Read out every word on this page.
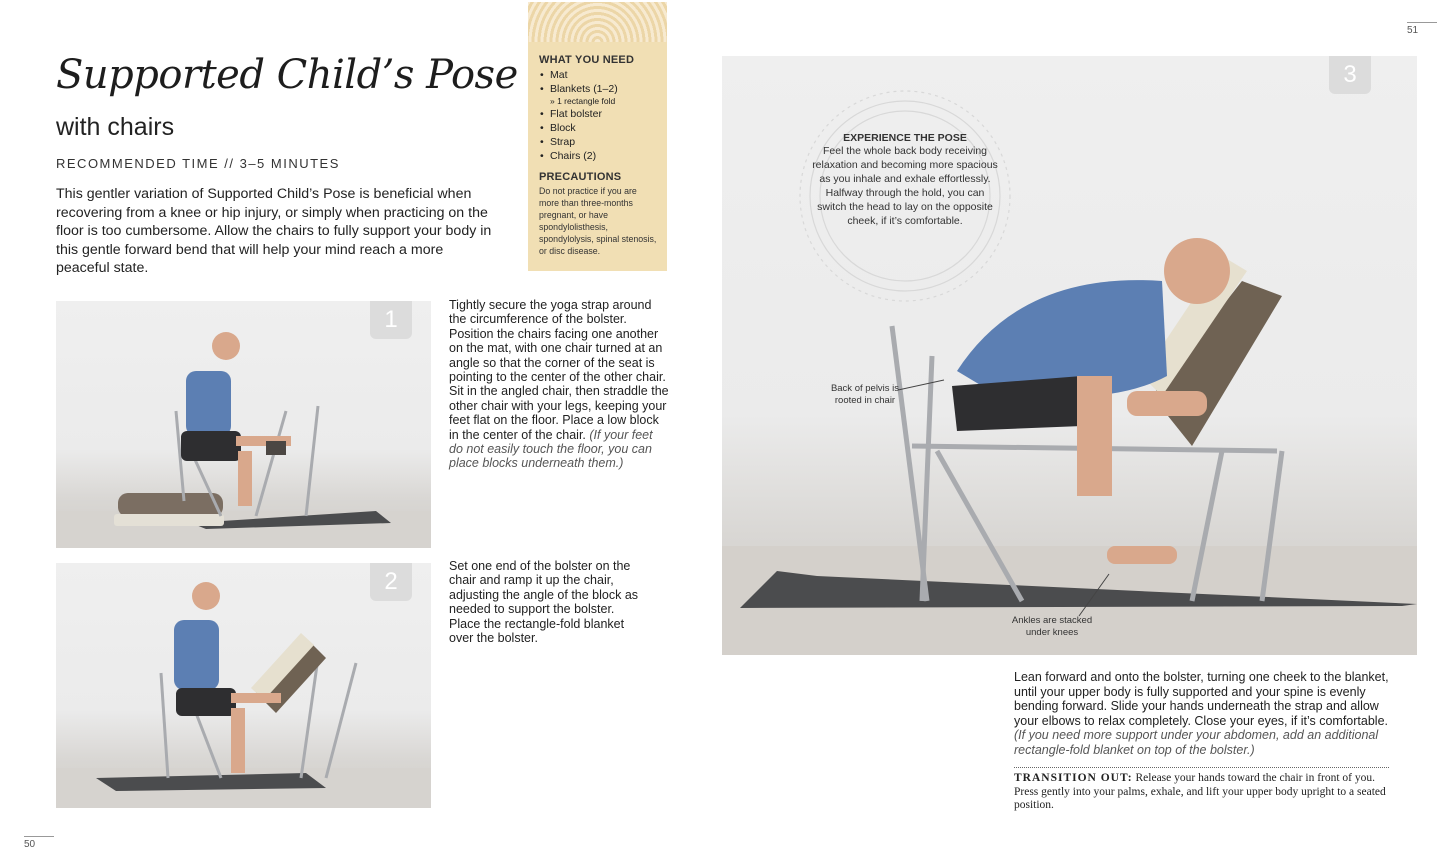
51
50
Supported Child’s Pose
with chairs
RECOMMENDED TIME // 3–5 MINUTES
This gentler variation of Supported Child’s Pose is beneficial when recovering from a knee or hip injury, or simply when practicing on the floor is too cumbersome. Allow the chairs to fully support your body in this gentle forward bend that will help your mind reach a more peaceful state.
WHAT YOU NEED
• Mat
• Blankets (1–2)
» 1 rectangle fold
• Flat bolster
• Block
• Strap
• Chairs (2)
PRECAUTIONS

Do not practice if you are more than three-months pregnant, or have spondylolisthesis, spondylolysis, spinal stenosis, or disc disease.

1
Tightly secure the yoga strap around the circumference of the bolster. Position the chairs facing one another on the mat, with one chair turned at an angle so that the corner of the seat is pointing to the center of the other chair. Sit in the angled chair, then straddle the other chair with your legs, keeping your feet flat on the floor. Place a low block in the center of the chair. (If your feet do not easily touch the floor, you can place blocks underneath them.)
2
Set one end of the bolster on the chair and ramp it up the chair, adjusting the angle of the block as needed to support the bolster. Place the rectangle-fold blanket over the bolster.
3
EXPERIENCE THE POSE
Feel the whole back body receiving relaxation and becoming more spacious as you inhale and exhale effortlessly. Halfway through the hold, you can switch the head to lay on the opposite cheek, if it’s comfortable.
Back of pelvis is rooted in chair
Ankles are stacked under knees
Lean forward and onto the bolster, turning one cheek to the blanket, until your upper body is fully supported and your spine is evenly bending forward. Slide your hands underneath the strap and allow your elbows to relax completely. Close your eyes, if it’s comfortable. (If you need more support under your abdomen, add an additional rectangle-fold blanket on top of the bolster.)
TRANSITION OUT: Release your hands toward the chair in front of you. Press gently into your palms, exhale, and lift your upper body upright to a seated position.
